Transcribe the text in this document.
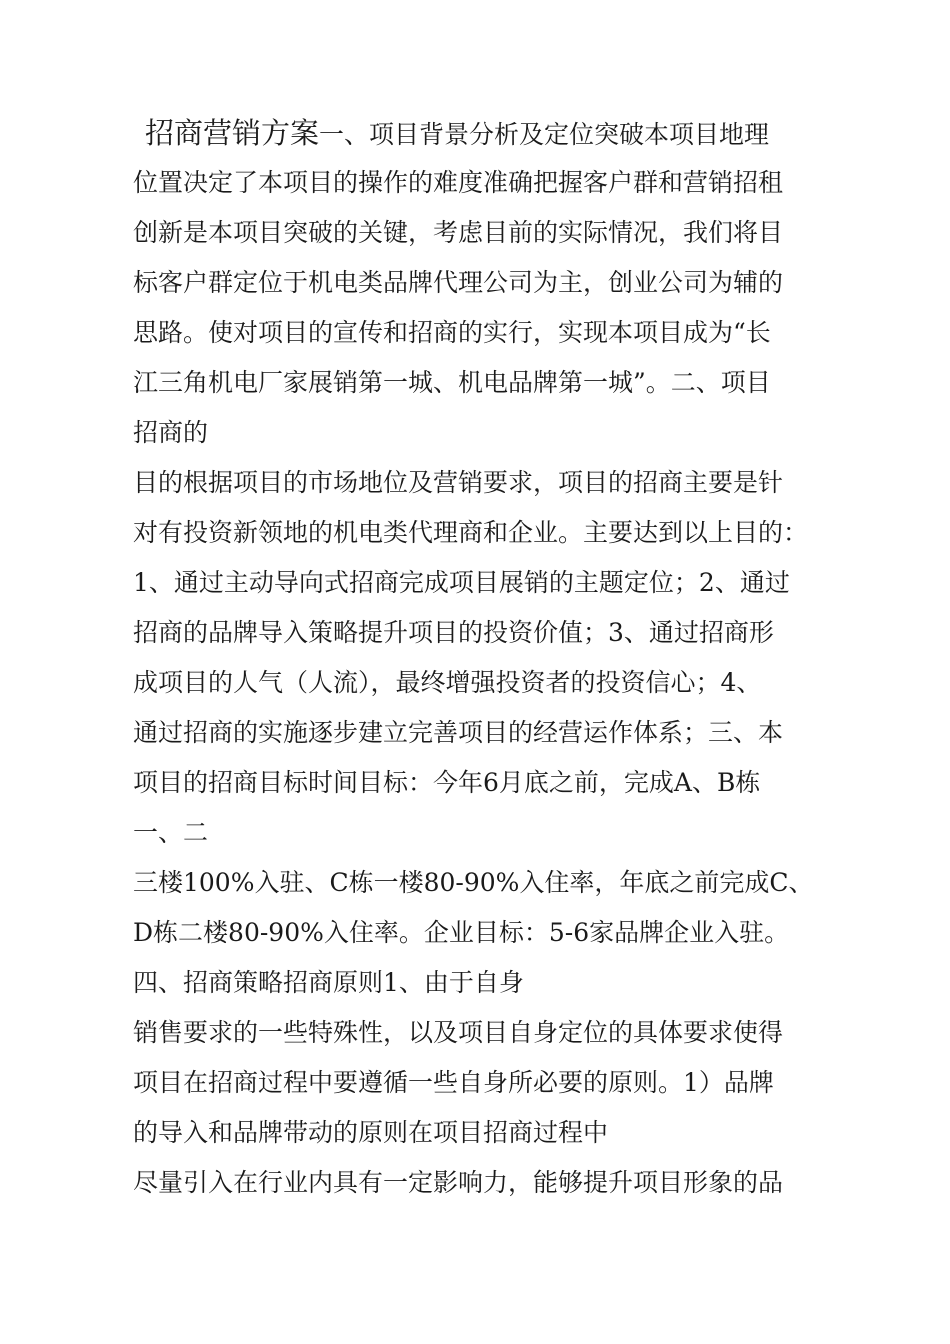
招商营销方案一、项目背景分析及定位突破本项目地理
位置决定了本项目的操作的难度准确把握客户群和营销招租
创新是本项目突破的关键，考虑目前的实际情况，我们将目
标客户群定位于机电类品牌代理公司为主，创业公司为辅的
思路。使对项目的宣传和招商的实行，实现本项目成为“长
江三角机电厂家展销第一城、机电品牌第一城”。二、项目
招商的
目的根据项目的市场地位及营销要求，项目的招商主要是针
对有投资新领地的机电类代理商和企业。主要达到以上目的：
1、通过主动导向式招商完成项目展销的主题定位；2、通过
招商的品牌导入策略提升项目的投资价值；3、通过招商形
成项目的人气（人流），最终增强投资者的投资信心；4、
通过招商的实施逐步建立完善项目的经营运作体系；三、本
项目的招商目标时间目标：今年6月底之前，完成A、B栋
一、二
三楼100%入驻、C栋一楼80-90%入住率，年底之前完成C、
D栋二楼80-90%入住率。企业目标：5-6家品牌企业入驻。
四、招商策略招商原则1、由于自身
销售要求的一些特殊性，以及项目自身定位的具体要求使得
项目在招商过程中要遵循一些自身所必要的原则。1）品牌
的导入和品牌带动的原则在项目招商过程中
尽量引入在行业内具有一定影响力，能够提升项目形象的品
